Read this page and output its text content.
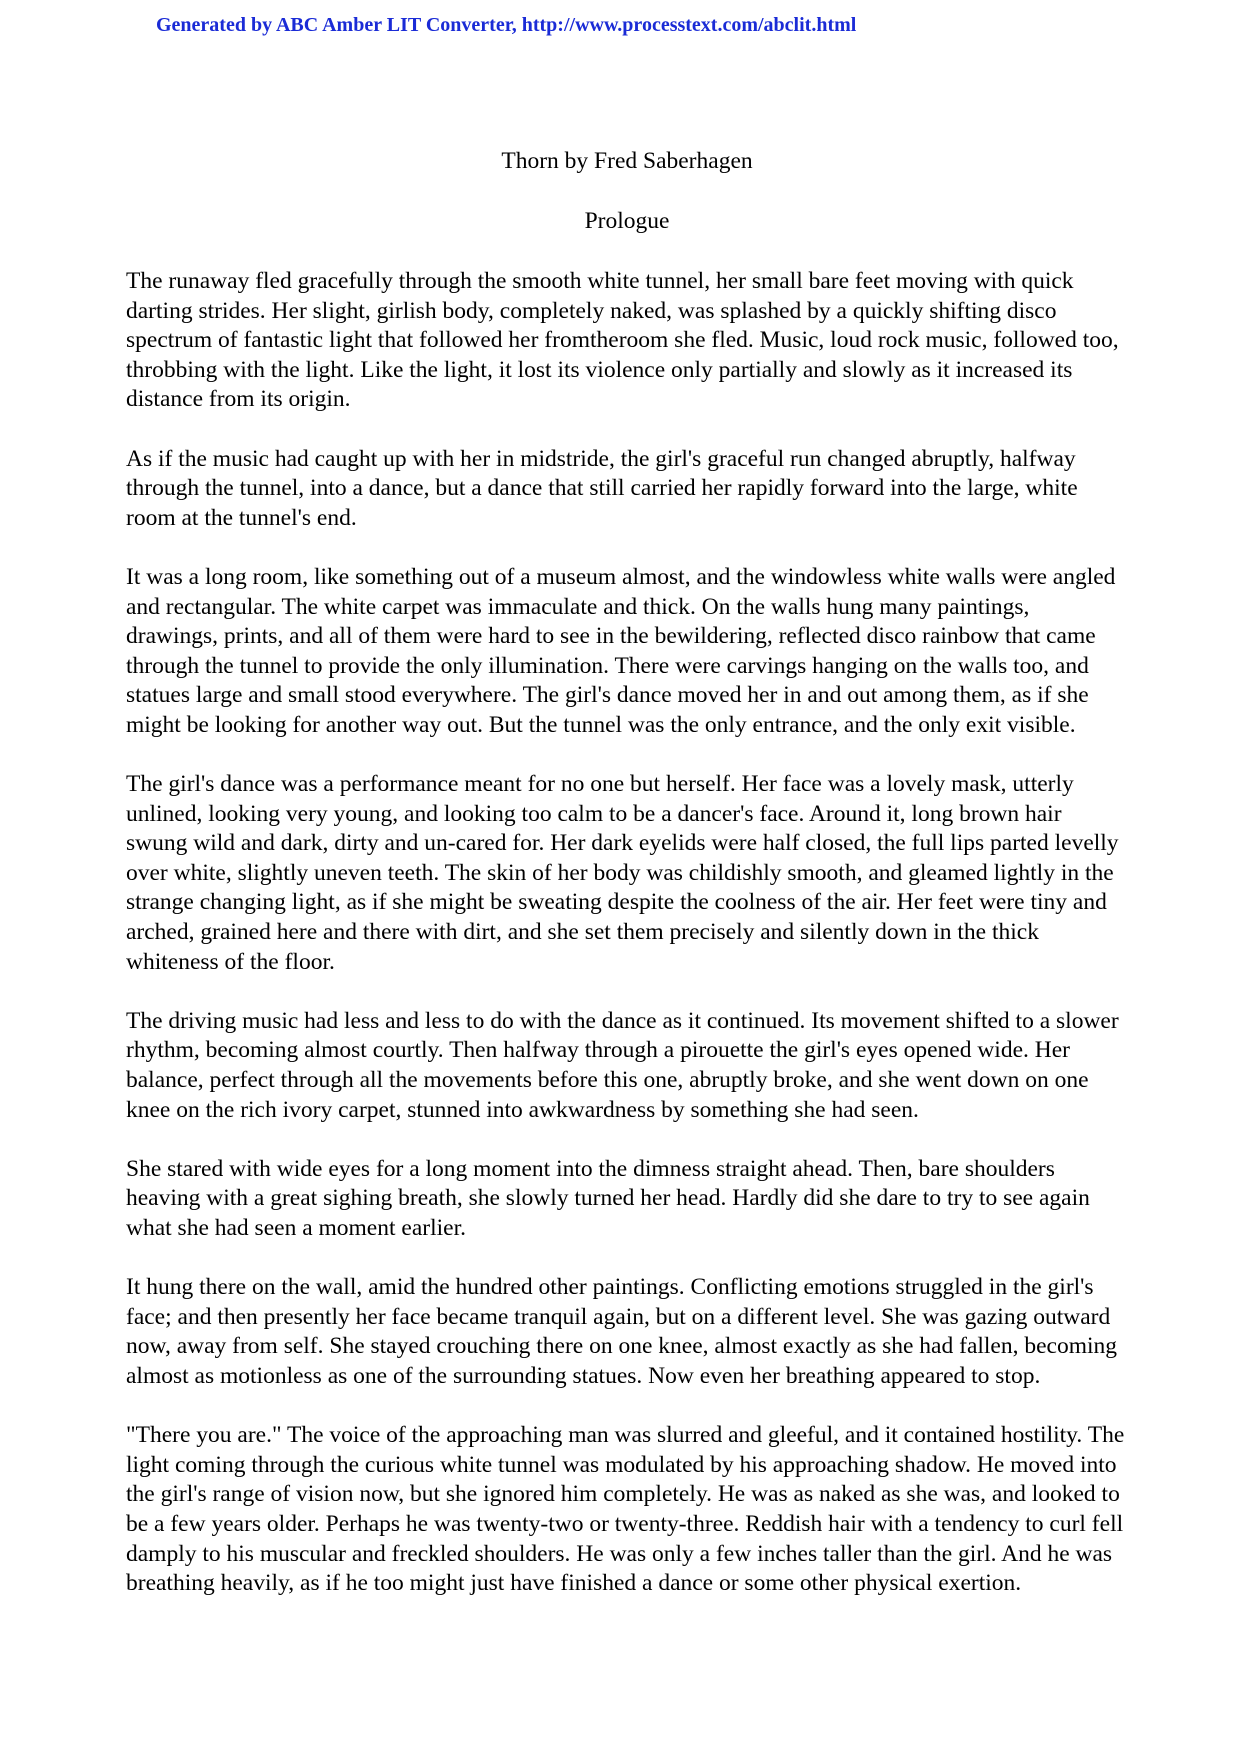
Generated by ABC Amber LIT Converter, http://www.processtext.com/abclit.html
Thorn by Fred Saberhagen
Prologue

The runaway fled gracefully through the smooth white tunnel, her small bare feet moving with quick darting strides. Her slight, girlish body, completely naked, was splashed by a quickly shifting disco spectrum of fantastic light that followed her fromtheroom she fled. Music, loud rock music, followed too, throbbing with the light. Like the light, it lost its violence only partially and slowly as it increased its distance from its origin.

As if the music had caught up with her in midstride, the girl's graceful run changed abruptly, halfway through the tunnel, into a dance, but a dance that still carried her rapidly forward into the large, white room at the tunnel's end.

It was a long room, like something out of a museum almost, and the windowless white walls were angled and rectangular. The white carpet was immaculate and thick. On the walls hung many paintings, drawings, prints, and all of them were hard to see in the bewildering, reflected disco rainbow that came through the tunnel to provide the only illumination. There were carvings hanging on the walls too, and statues large and small stood everywhere. The girl's dance moved her in and out among them, as if she might be looking for another way out. But the tunnel was the only entrance, and the only exit visible.

The girl's dance was a performance meant for no one but herself. Her face was a lovely mask, utterly unlined, looking very young, and looking too calm to be a dancer's face. Around it, long brown hair swung wild and dark, dirty and un-cared for. Her dark eyelids were half closed, the full lips parted levelly over white, slightly uneven teeth. The skin of her body was childishly smooth, and gleamed lightly in the strange changing light, as if she might be sweating despite the coolness of the air. Her feet were tiny and arched, grained here and there with dirt, and she set them precisely and silently down in the thick whiteness of the floor.

The driving music had less and less to do with the dance as it continued. Its movement shifted to a slower rhythm, becoming almost courtly. Then halfway through a pirouette the girl's eyes opened wide. Her balance, perfect through all the movements before this one, abruptly broke, and she went down on one knee on the rich ivory carpet, stunned into awkwardness by something she had seen.

She stared with wide eyes for a long moment into the dimness straight ahead. Then, bare shoulders heaving with a great sighing breath, she slowly turned her head. Hardly did she dare to try to see again what she had seen a moment earlier.

It hung there on the wall, amid the hundred other paintings. Conflicting emotions struggled in the girl's face; and then presently her face became tranquil again, but on a different level. She was gazing outward now, away from self. She stayed crouching there on one knee, almost exactly as she had fallen, becoming almost as motionless as one of the surrounding statues. Now even her breathing appeared to stop.

"There you are." The voice of the approaching man was slurred and gleeful, and it contained hostility. The light coming through the curious white tunnel was modulated by his approaching shadow. He moved into the girl's range of vision now, but she ignored him completely. He was as naked as she was, and looked to be a few years older. Perhaps he was twenty-two or twenty-three. Reddish hair with a tendency to curl fell damply to his muscular and freckled shoulders. He was only a few inches taller than the girl. And he was breathing heavily, as if he too might just have finished a dance or some other physical exertion.
